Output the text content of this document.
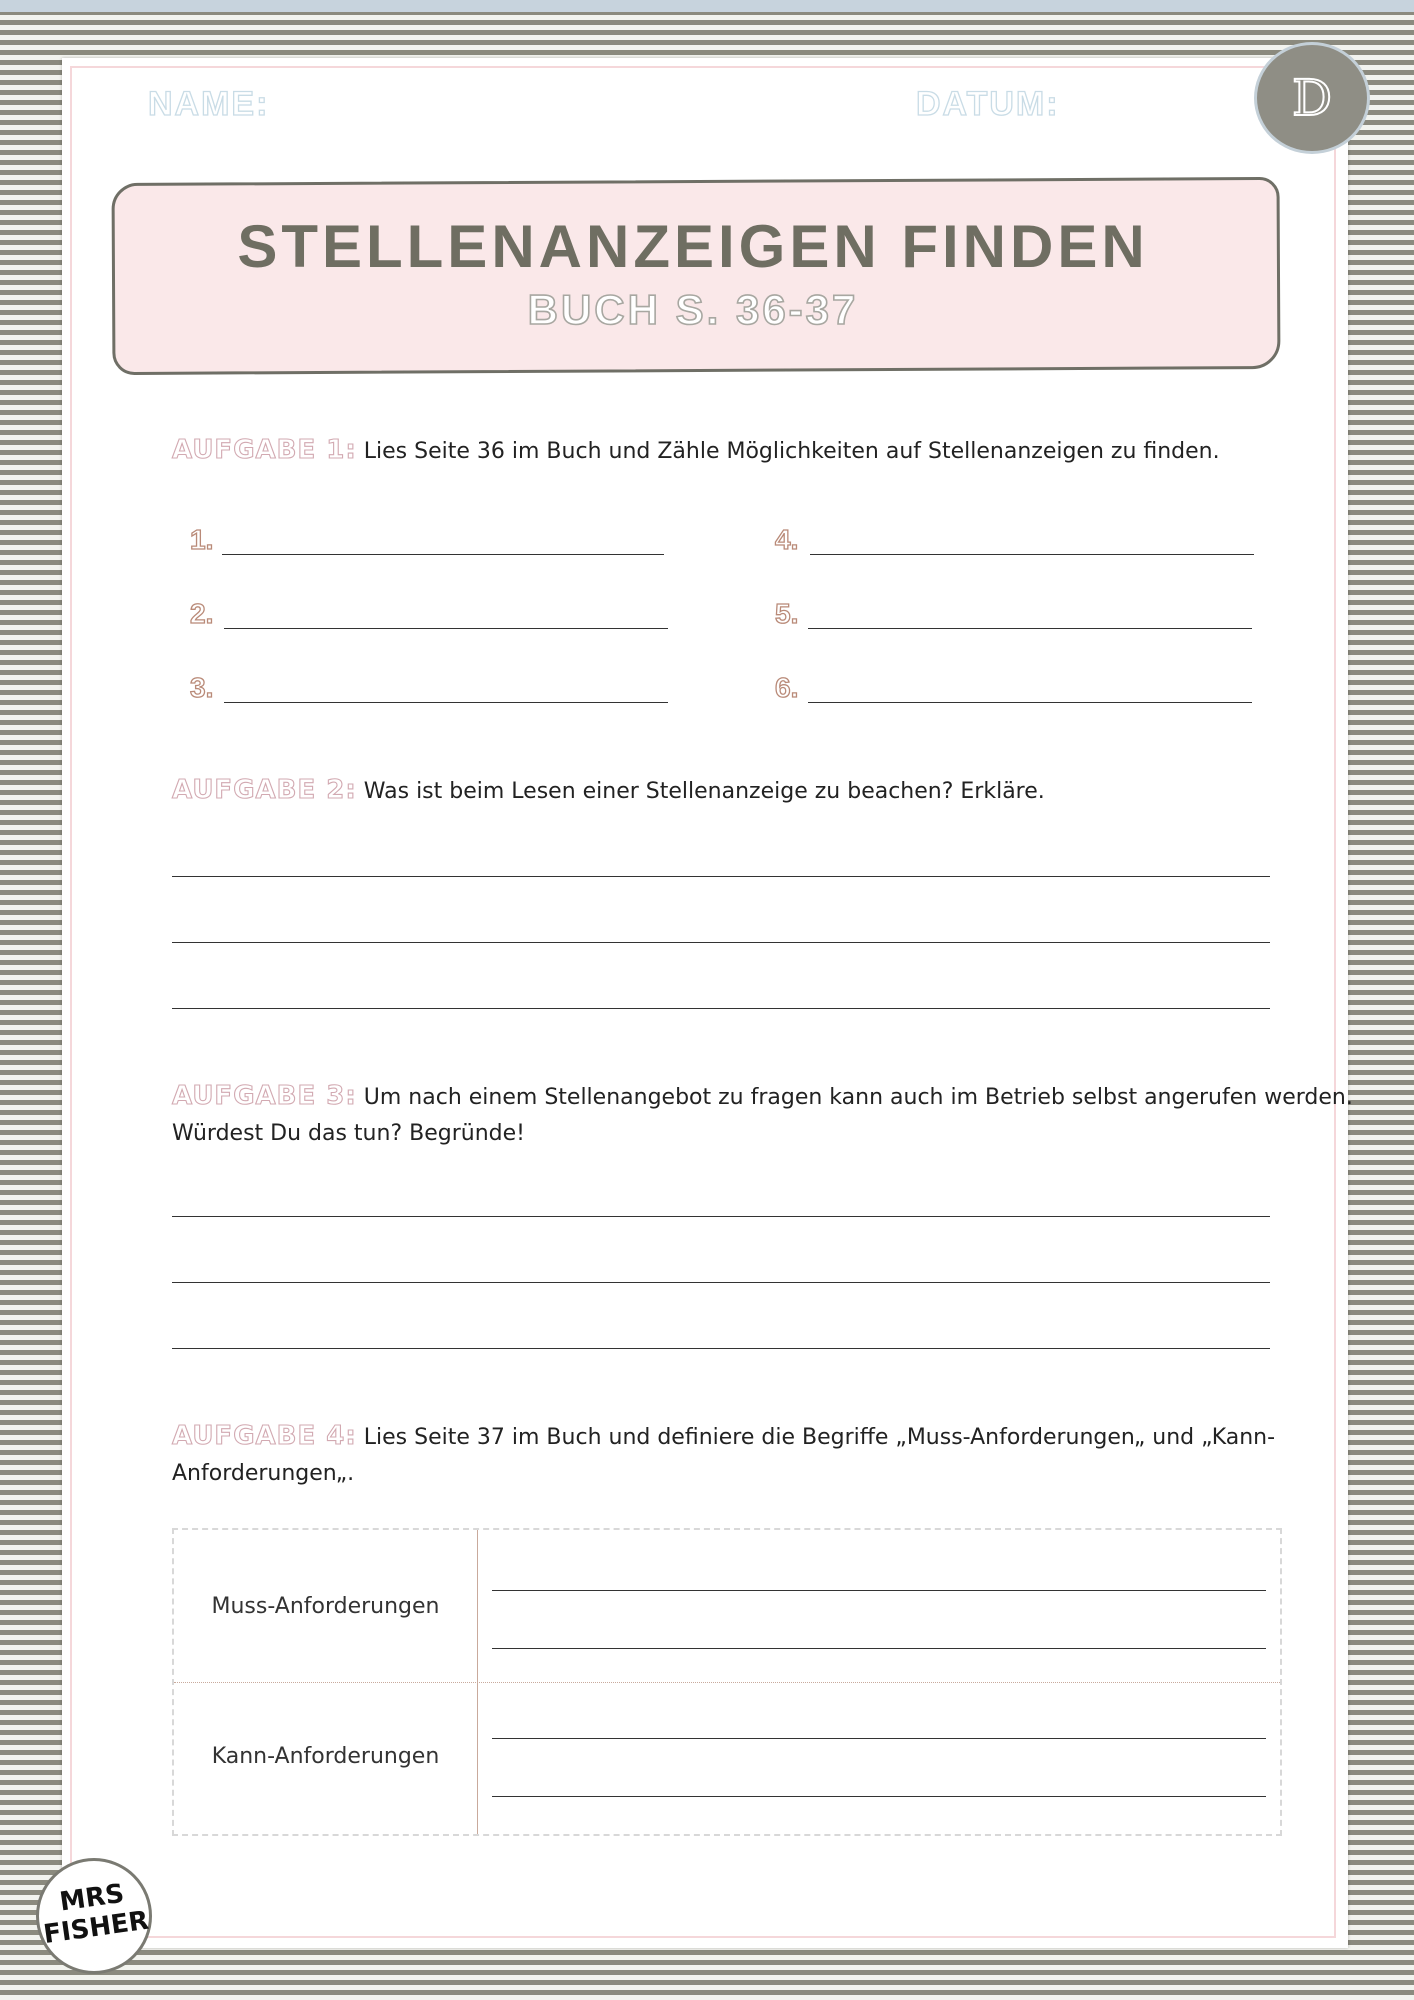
NAME:	DATUM:	D
STELLENANZEIGEN FINDEN
BUCH S. 36-37
AUFGABE 1: Lies Seite 36 im Buch und Zähle Möglichkeiten auf Stellenanzeigen zu finden.
1.
2.
3.
4.
5.
6.
AUFGABE 2: Was ist beim Lesen einer Stellenanzeige zu beachen? Erkläre.
AUFGABE 3: Um nach einem Stellenangebot zu fragen kann auch im Betrieb selbst angerufen werden.
Würdest Du das tun? Begründe!
AUFGABE 4: Lies Seite 37 im Buch und definiere die Begriffe „Muss-Anforderungen„ und „Kann-
Anforderungen„.
Muss-Anforderungen
Kann-Anforderungen
MRS FISHER
